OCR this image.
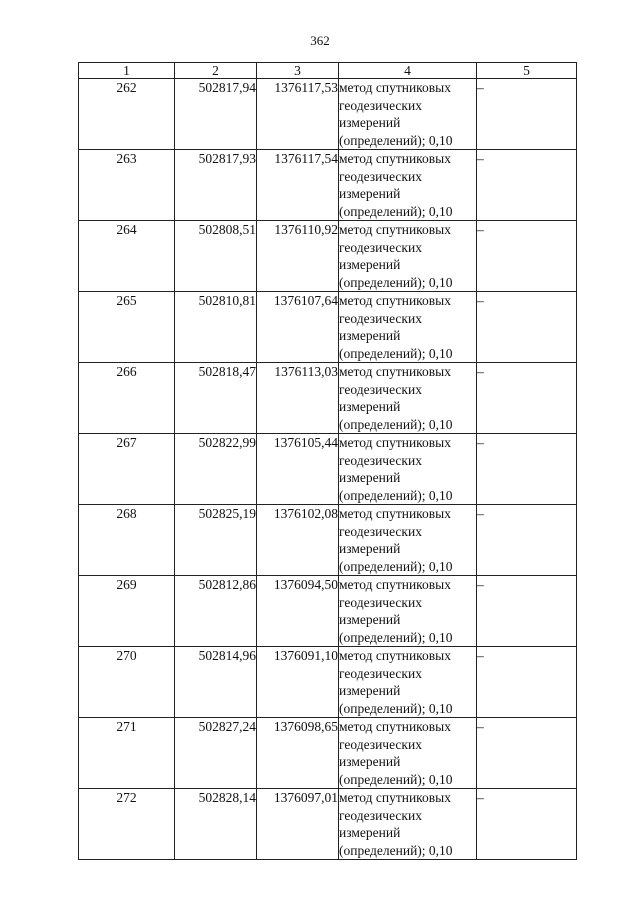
362
1	2	3	4	5
262	502817,94	1376117,53	метод спутниковых
геодезических
измерений
(определений); 0,10	–
263	502817,93	1376117,54	метод спутниковых
геодезических
измерений
(определений); 0,10	–
264	502808,51	1376110,92	метод спутниковых
геодезических
измерений
(определений); 0,10	–
265	502810,81	1376107,64	метод спутниковых
геодезических
измерений
(определений); 0,10	–
266	502818,47	1376113,03	метод спутниковых
геодезических
измерений
(определений); 0,10	–
267	502822,99	1376105,44	метод спутниковых
геодезических
измерений
(определений); 0,10	–
268	502825,19	1376102,08	метод спутниковых
геодезических
измерений
(определений); 0,10	–
269	502812,86	1376094,50	метод спутниковых
геодезических
измерений
(определений); 0,10	–
270	502814,96	1376091,10	метод спутниковых
геодезических
измерений
(определений); 0,10	–
271	502827,24	1376098,65	метод спутниковых
геодезических
измерений
(определений); 0,10	–
272	502828,14	1376097,01	метод спутниковых
геодезических
измерений
(определений); 0,10	–
